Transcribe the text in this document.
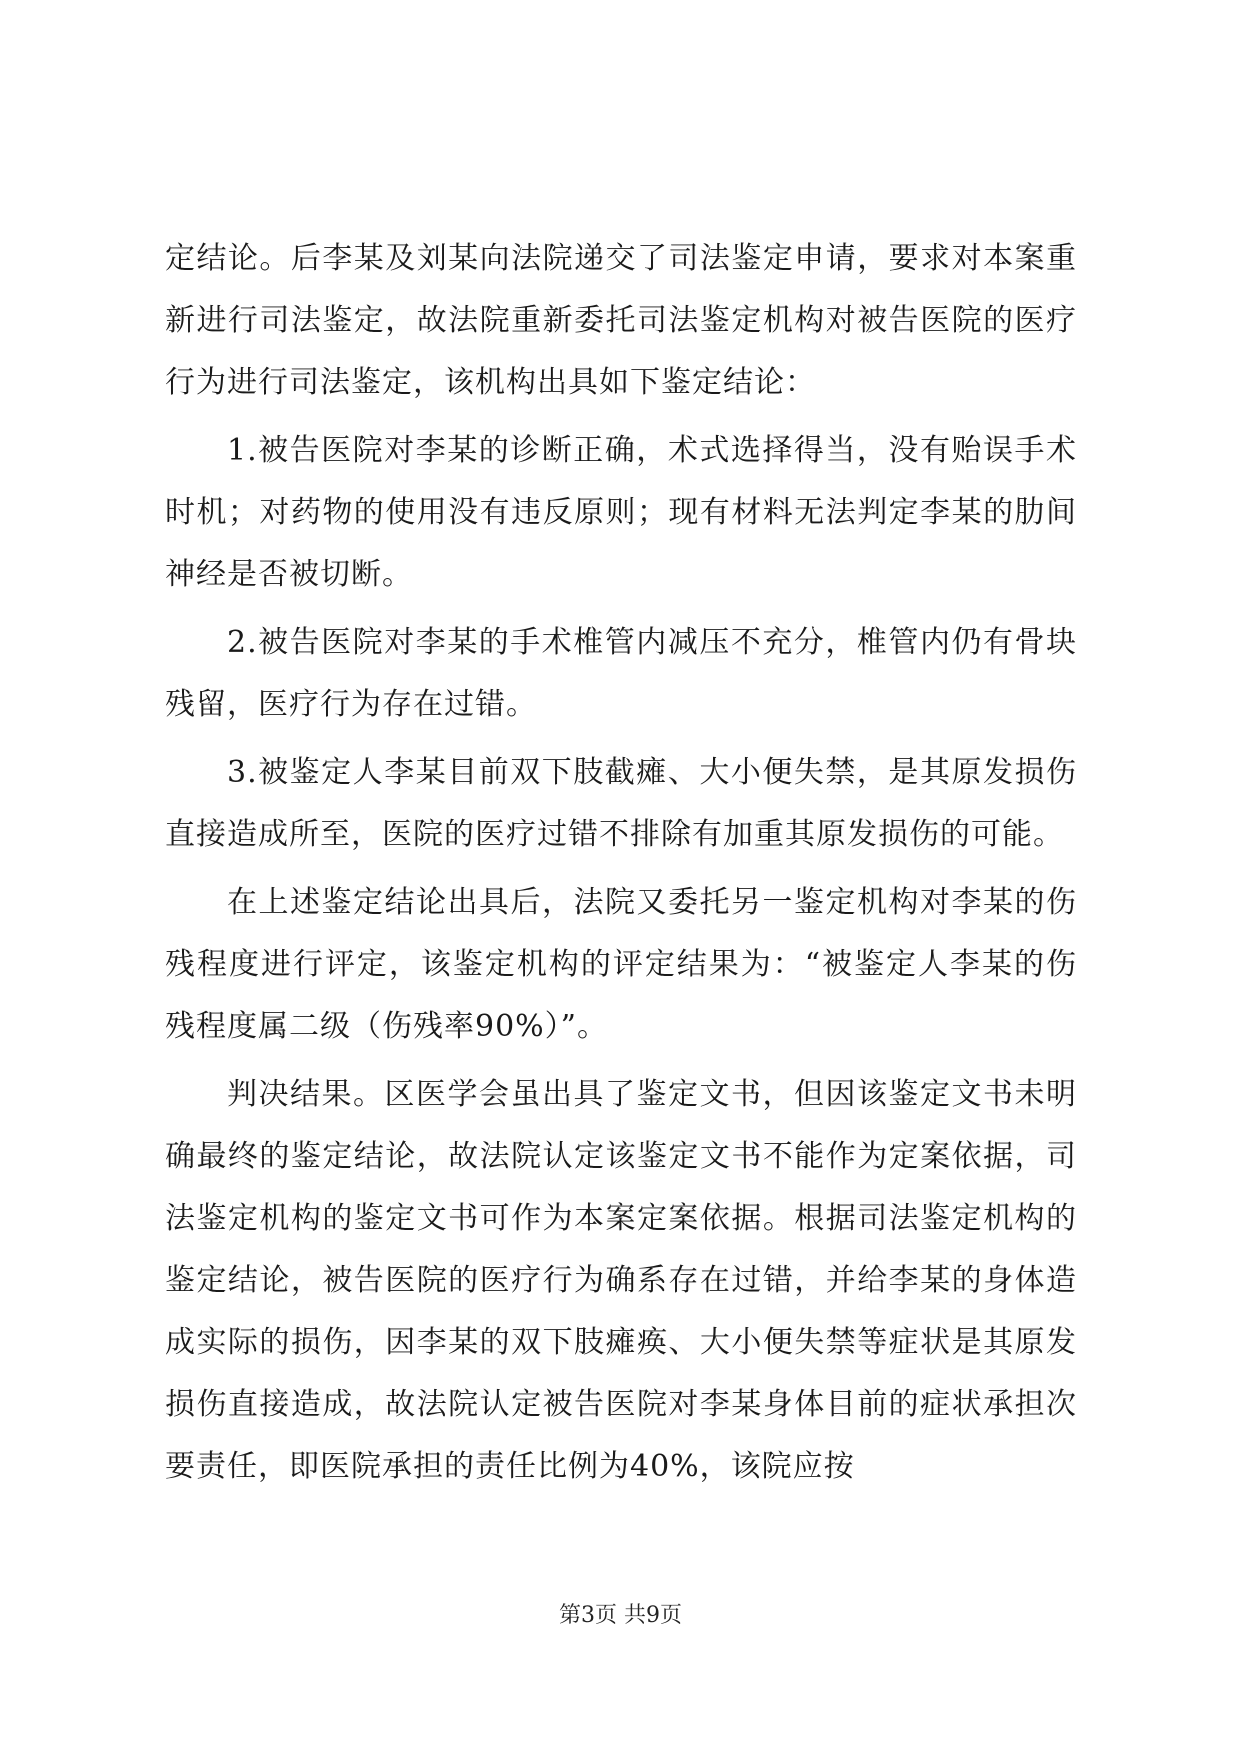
定结论。后李某及刘某向法院递交了司法鉴定申请，要求对本案重新进行司法鉴定，故法院重新委托司法鉴定机构对被告医院的医疗行为进行司法鉴定，该机构出具如下鉴定结论：

1.被告医院对李某的诊断正确，术式选择得当，没有贻误手术时机；对药物的使用没有违反原则；现有材料无法判定李某的肋间神经是否被切断。

2.被告医院对李某的手术椎管内减压不充分，椎管内仍有骨块残留，医疗行为存在过错。

3.被鉴定人李某目前双下肢截瘫、大小便失禁，是其原发损伤直接造成所至，医院的医疗过错不排除有加重其原发损伤的可能。

在上述鉴定结论出具后，法院又委托另一鉴定机构对李某的伤残程度进行评定，该鉴定机构的评定结果为：“被鉴定人李某的伤残程度属二级（伤残率90%）”。

判决结果。区医学会虽出具了鉴定文书，但因该鉴定文书未明确最终的鉴定结论，故法院认定该鉴定文书不能作为定案依据，司法鉴定机构的鉴定文书可作为本案定案依据。根据司法鉴定机构的鉴定结论，被告医院的医疗行为确系存在过错，并给李某的身体造成实际的损伤，因李某的双下肢瘫痪、大小便失禁等症状是其原发损伤直接造成，故法院认定被告医院对李某身体目前的症状承担次要责任，即医院承担的责任比例为40%，该院应按

第3页 共9页
